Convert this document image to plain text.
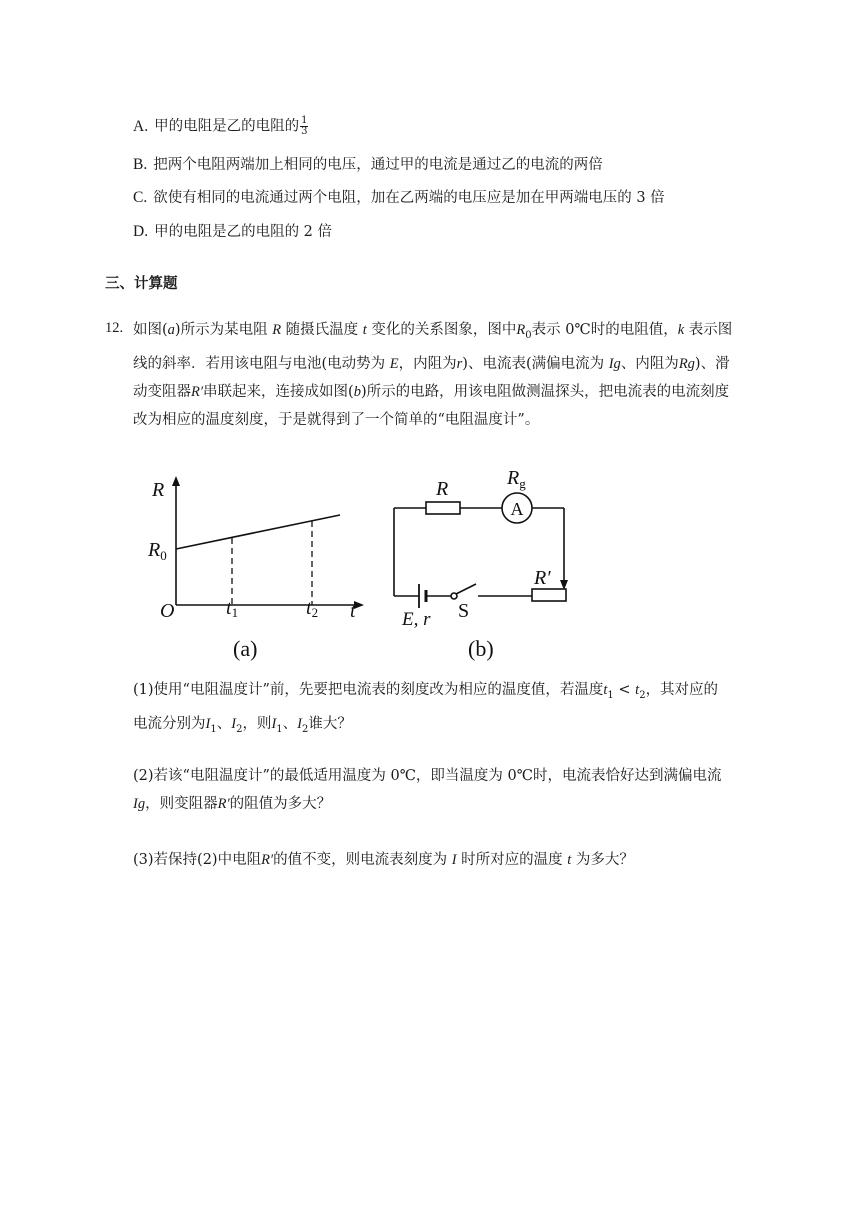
A. 甲的电阻是乙的电阻的 $\frac{1}{3}$
B. 把两个电阻两端加上相同的电压，通过甲的电流是通过乙的电流的两倍
C. 欲使有相同的电流通过两个电阻，加在乙两端的电压应是加在甲两端电压的 3 倍
D. 甲的电阻是乙的电阻的 2 倍
三、计算题
12. 如图(a)所示为某电阻 R 随摄氏温度 t 变化的关系图象，图中$R_0$表示 0℃时的电阻值，k 表示图

线的斜率．若用该电阻与电池(电动势为 E，内阻为r)、电流表(满偏电流为 Ig、内阻为Rg)、滑

动变阻器R′串联起来，连接成如图(b)所示的电路，用该电阻做测温探头，把电流表的电流刻度

改为相应的温度刻度，于是就得到了一个简单的“电阻温度计”。

R
$R_0$
O	t1	t2 t
(a)
R	$R_g$
A
R′
E, r S
(b)

(1)使用“电阻温度计”前，先要把电流表的刻度改为相应的温度值，若温度$t_1 < t_2$，其对应的

电流分别为$I_1$、$I_2$，则$I_1$、$I_2$谁大？

(2)若该“电阻温度计”的最低适用温度为 0℃，即当温度为 0℃时，电流表恰好达到满偏电流

Ig，则变阻器R′的阻值为多大？

(3)若保持(2)中电阻R′的值不变，则电流表刻度为 I 时所对应的温度 t 为多大？
